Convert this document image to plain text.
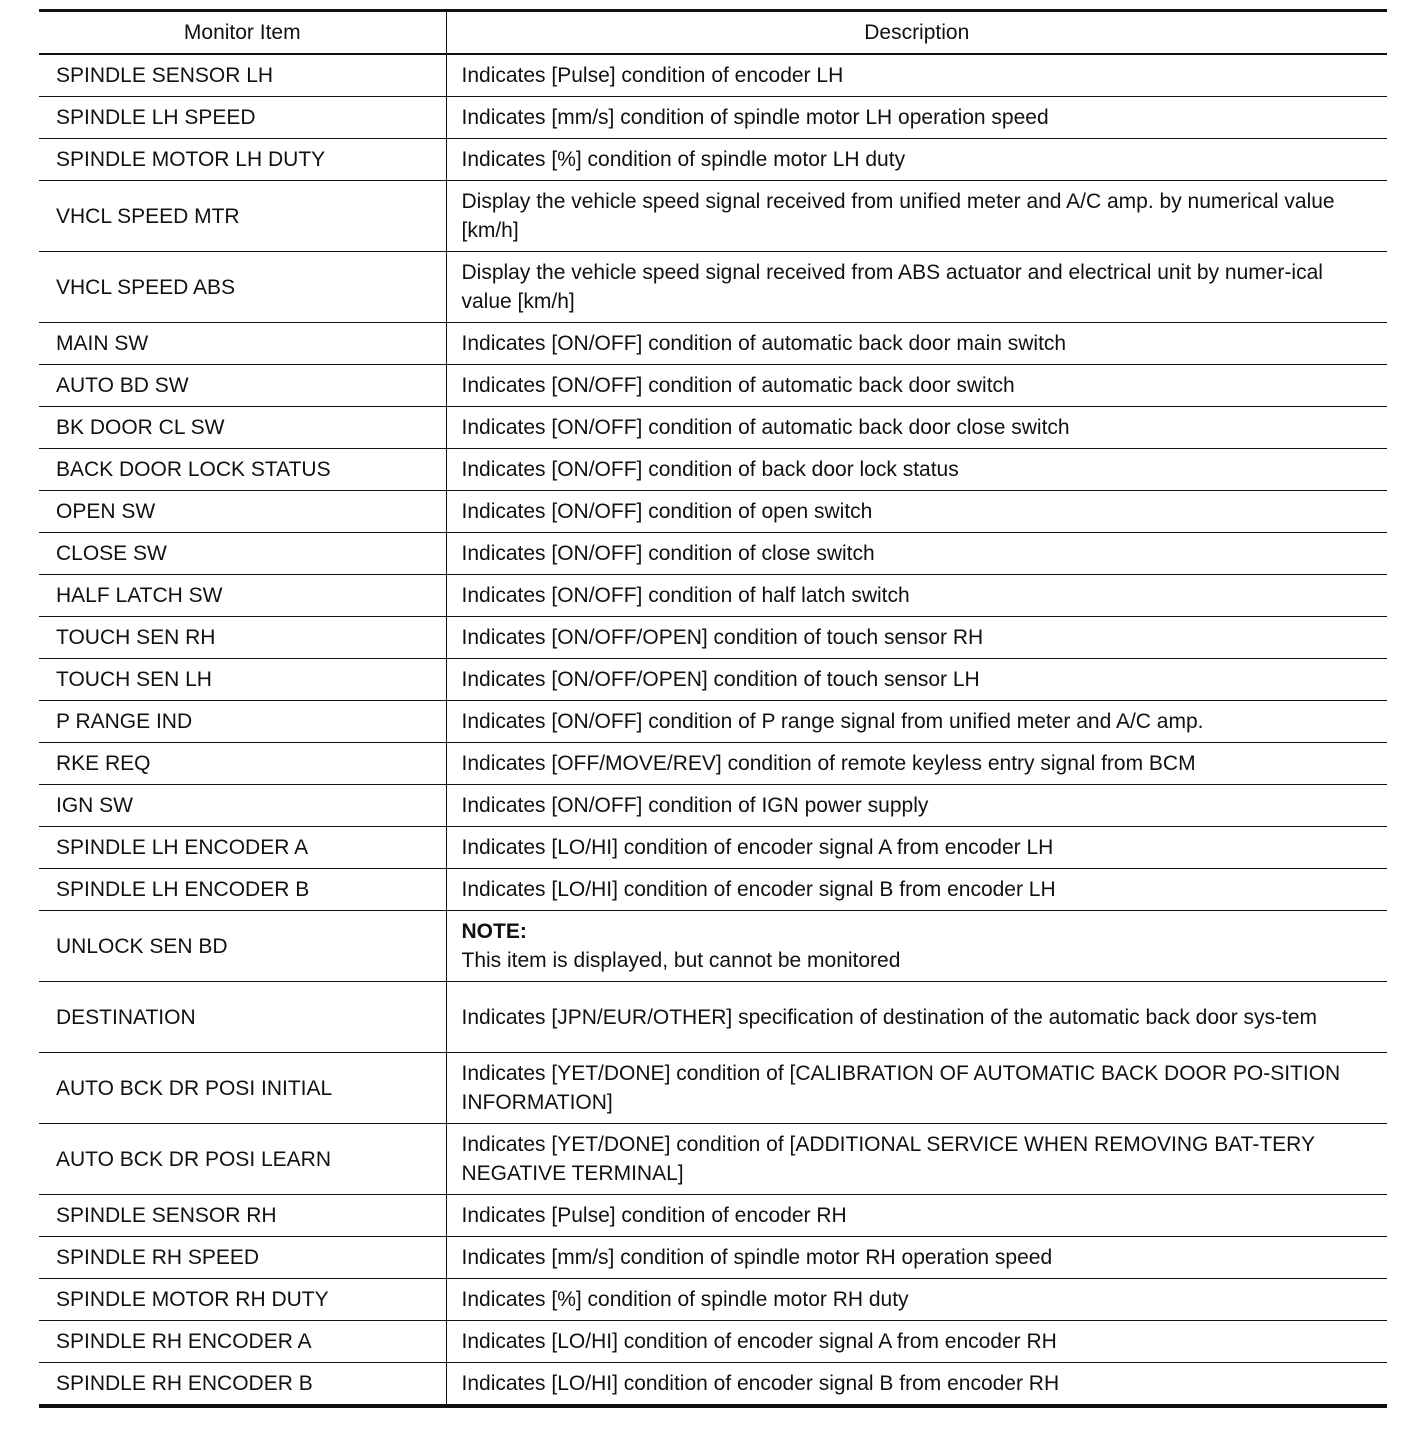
Monitor Item	Description
SPINDLE SENSOR LH	Indicates [Pulse] condition of encoder LH
SPINDLE LH SPEED	Indicates [mm/s] condition of spindle motor LH operation speed
SPINDLE MOTOR LH DUTY	Indicates [%] condition of spindle motor LH duty
VHCL SPEED MTR	Display the vehicle speed signal received from unified meter and A/C amp. by numerical value [km/h]
VHCL SPEED ABS	Display the vehicle speed signal received from ABS actuator and electrical unit by numer-ical value [km/h]
MAIN SW	Indicates [ON/OFF] condition of automatic back door main switch
AUTO BD SW	Indicates [ON/OFF] condition of automatic back door switch
BK DOOR CL SW	Indicates [ON/OFF] condition of automatic back door close switch
BACK DOOR LOCK STATUS	Indicates [ON/OFF] condition of back door lock status
OPEN SW	Indicates [ON/OFF] condition of open switch
CLOSE SW	Indicates [ON/OFF] condition of close switch
HALF LATCH SW	Indicates [ON/OFF] condition of half latch switch
TOUCH SEN RH	Indicates [ON/OFF/OPEN] condition of touch sensor RH
TOUCH SEN LH	Indicates [ON/OFF/OPEN] condition of touch sensor LH
P RANGE IND	Indicates [ON/OFF] condition of P range signal from unified meter and A/C amp.
RKE REQ	Indicates [OFF/MOVE/REV] condition of remote keyless entry signal from BCM
IGN SW	Indicates [ON/OFF] condition of IGN power supply
SPINDLE LH ENCODER A	Indicates [LO/HI] condition of encoder signal A from encoder LH
SPINDLE LH ENCODER B	Indicates [LO/HI] condition of encoder signal B from encoder LH
UNLOCK SEN BD	NOTE:
This item is displayed, but cannot be monitored

DESTINATION	Indicates [JPN/EUR/OTHER] specification of destination of the automatic back door sys-tem
AUTO BCK DR POSI INITIAL	Indicates [YET/DONE] condition of [CALIBRATION OF AUTOMATIC BACK DOOR PO-SITION INFORMATION]
AUTO BCK DR POSI LEARN	Indicates [YET/DONE] condition of [ADDITIONAL SERVICE WHEN REMOVING BAT-TERY NEGATIVE TERMINAL]
SPINDLE SENSOR RH	Indicates [Pulse] condition of encoder RH
SPINDLE RH SPEED	Indicates [mm/s] condition of spindle motor RH operation speed
SPINDLE MOTOR RH DUTY	Indicates [%] condition of spindle motor RH duty
SPINDLE RH ENCODER A	Indicates [LO/HI] condition of encoder signal A from encoder RH
SPINDLE RH ENCODER B	Indicates [LO/HI] condition of encoder signal B from encoder RH
